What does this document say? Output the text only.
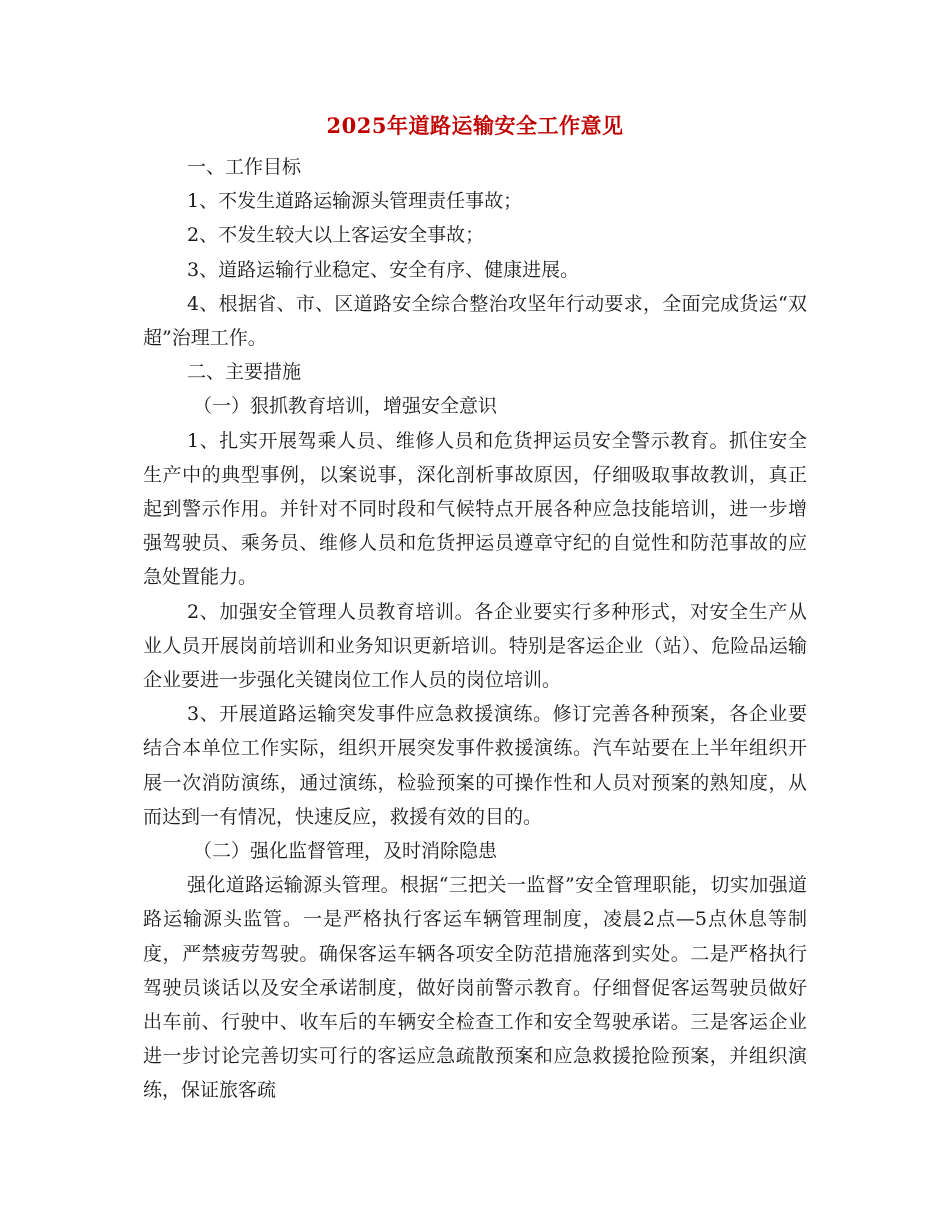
2025年道路运输安全工作意见

一、工作目标

1、不发生道路运输源头管理责任事故；

2、不发生较大以上客运安全事故；

3、道路运输行业稳定、安全有序、健康进展。

4、根据省、市、区道路安全综合整治攻坚年行动要求，全面完成货运“双超”治理工作。

二、主要措施

（一）狠抓教育培训，增强安全意识

1、扎实开展驾乘人员、维修人员和危货押运员安全警示教育。抓住安全生产中的典型事例，以案说事，深化剖析事故原因，仔细吸取事故教训，真正起到警示作用。并针对不同时段和气候特点开展各种应急技能培训，进一步增强驾驶员、乘务员、维修人员和危货押运员遵章守纪的自觉性和防范事故的应急处置能力。

2、加强安全管理人员教育培训。各企业要实行多种形式，对安全生产从业人员开展岗前培训和业务知识更新培训。特别是客运企业（站）、危险品运输企业要进一步强化关键岗位工作人员的岗位培训。

3、开展道路运输突发事件应急救援演练。修订完善各种预案，各企业要结合本单位工作实际，组织开展突发事件救援演练。汽车站要在上半年组织开展一次消防演练，通过演练，检验预案的可操作性和人员对预案的熟知度，从而达到一有情况，快速反应，救援有效的目的。

（二）强化监督管理，及时消除隐患

强化道路运输源头管理。根据“三把关一监督”安全管理职能，切实加强道路运输源头监管。一是严格执行客运车辆管理制度，凌晨2点—5点休息等制度，严禁疲劳驾驶。确保客运车辆各项安全防范措施落到实处。二是严格执行驾驶员谈话以及安全承诺制度，做好岗前警示教育。仔细督促客运驾驶员做好出车前、行驶中、收车后的车辆安全检查工作和安全驾驶承诺。三是客运企业进一步讨论完善切实可行的客运应急疏散预案和应急救援抢险预案，并组织演练，保证旅客疏
